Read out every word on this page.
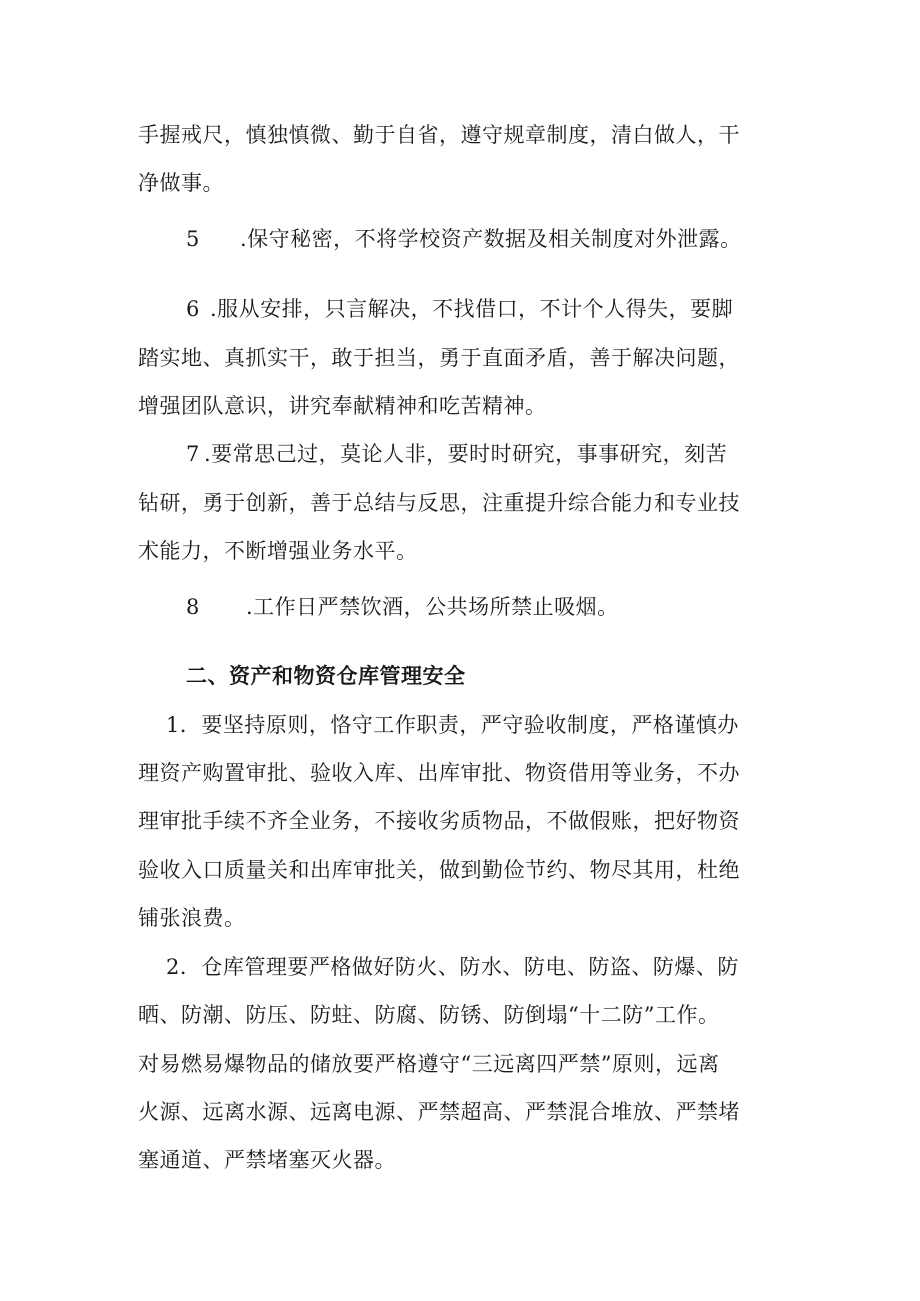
手握戒尺，慎独慎微、勤于自省，遵守规章制度，清白做人，干
净做事。
5 .保守秘密，不将学校资产数据及相关制度对外泄露。
6 .服从安排，只言解决，不找借口，不计个人得失，要脚
踏实地、真抓实干，敢于担当，勇于直面矛盾，善于解决问题，
增强团队意识，讲究奉献精神和吃苦精神。
7 .要常思己过，莫论人非，要时时研究，事事研究，刻苦
钻研，勇于创新，善于总结与反思，注重提升综合能力和专业技
术能力，不断增强业务水平。
8 .工作日严禁饮酒，公共场所禁止吸烟。
二、资产和物资仓库管理安全
1．要坚持原则，恪守工作职责，严守验收制度，严格谨慎办
理资产购置审批、验收入库、出库审批、物资借用等业务，不办
理审批手续不齐全业务，不接收劣质物品，不做假账，把好物资
验收入口质量关和出库审批关，做到勤俭节约、物尽其用，杜绝
铺张浪费。
2．仓库管理要严格做好防火、防水、防电、防盗、防爆、防
晒、防潮、防压、防蛀、防腐、防锈、防倒塌“十二防”工作。
对易燃易爆物品的储放要严格遵守“三远离四严禁”原则，远离
火源、远离水源、远离电源、严禁超高、严禁混合堆放、严禁堵
塞通道、严禁堵塞灭火器。
